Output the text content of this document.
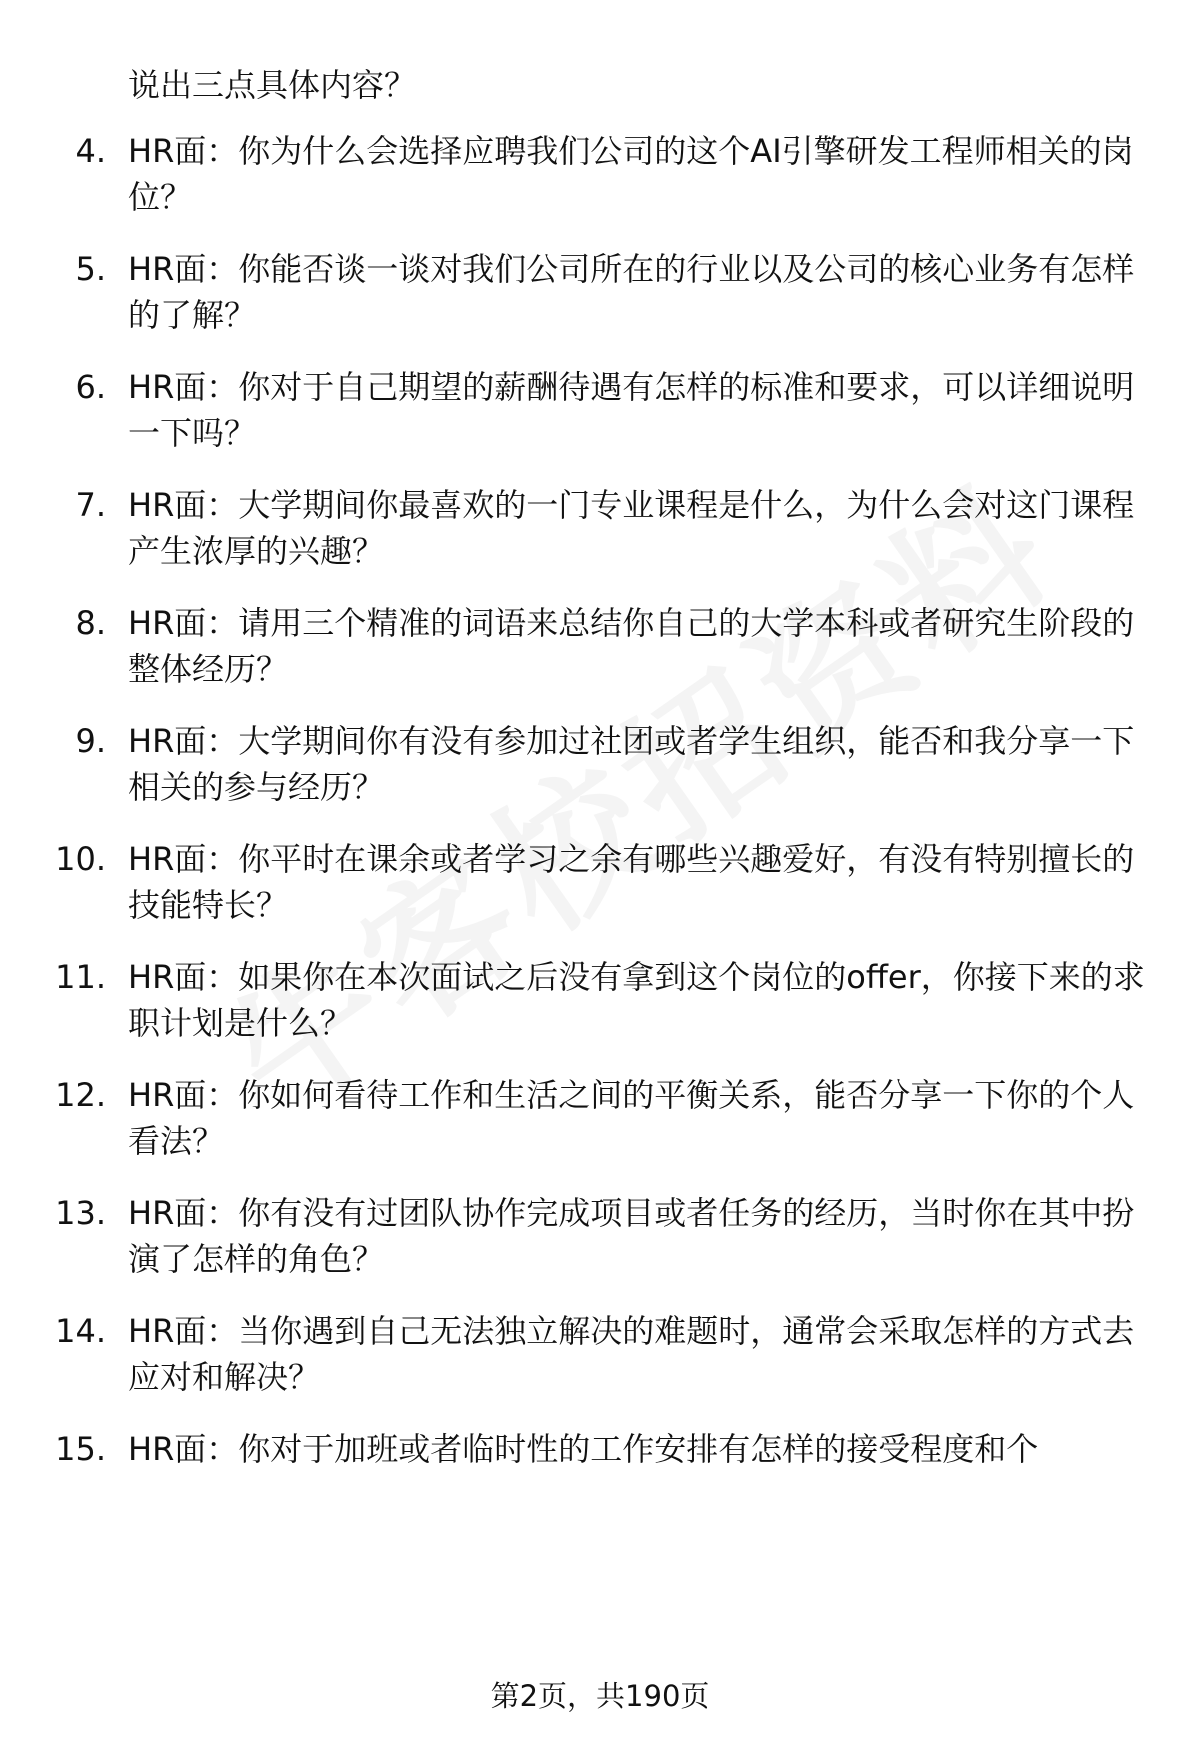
说出三点具体内容？

4. HR面：你为什么会选择应聘我们公司的这个AI引擎研发工程师相关的岗位？

5. HR面：你能否谈一谈对我们公司所在的行业以及公司的核心业务有怎样的了解？

6. HR面：你对于自己期望的薪酬待遇有怎样的标准和要求，可以详细说明一下吗？

7. HR面：大学期间你最喜欢的一门专业课程是什么，为什么会对这门课程产生浓厚的兴趣？

8. HR面：请用三个精准的词语来总结你自己的大学本科或者研究生阶段的整体经历？

9. HR面：大学期间你有没有参加过社团或者学生组织，能否和我分享一下相关的参与经历？

10. HR面：你平时在课余或者学习之余有哪些兴趣爱好，有没有特别擅长的技能特长？

11. HR面：如果你在本次面试之后没有拿到这个岗位的offer，你接下来的求职计划是什么？

12. HR面：你如何看待工作和生活之间的平衡关系，能否分享一下你的个人看法？

13. HR面：你有没有过团队协作完成项目或者任务的经历，当时你在其中扮演了怎样的角色？

14. HR面：当你遇到自己无法独立解决的难题时，通常会采取怎样的方式去应对和解决？

15. HR面：你对于加班或者临时性的工作安排有怎样的接受程度和个

第2页，共190页
